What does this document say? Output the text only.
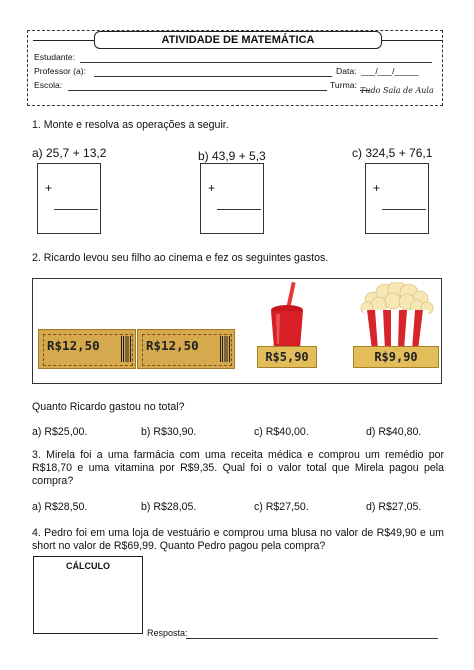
ATIVIDADE DE MATEMÁTICA
Estudante:
Professor (a):	Data: ___/___/_____
Escola:	Turma:
Tudo Sala de Aula
1. Monte e resolva as operações a seguir.
a) 25,7 + 13,2	b) 43,9 + 5,3	c) 324,5 + 76,1
+	+	+
2. Ricardo levou seu filho ao cinema e fez os seguintes gastos.
R$12,50	R$12,50
R$5,90	R$9,90
Quanto Ricardo gastou no total?
a) R$25,00.	b) R$30,90.	c) R$40,00.	d) R$40,80.
3. Mirela foi a uma farmácia com uma receita médica e comprou um remédio por R$18,70 e uma vitamina por R$9,35. Qual foi o valor total que Mirela pagou pela compra?
a) R$28,50.	b) R$28,05.	c) R$27,50.	d) R$27,05.
4. Pedro foi em uma loja de vestuário e comprou uma blusa no valor de R$49,90 e um short no valor de R$69,99. Quanto Pedro pagou pela compra?
CÁLCULO
Resposta:
